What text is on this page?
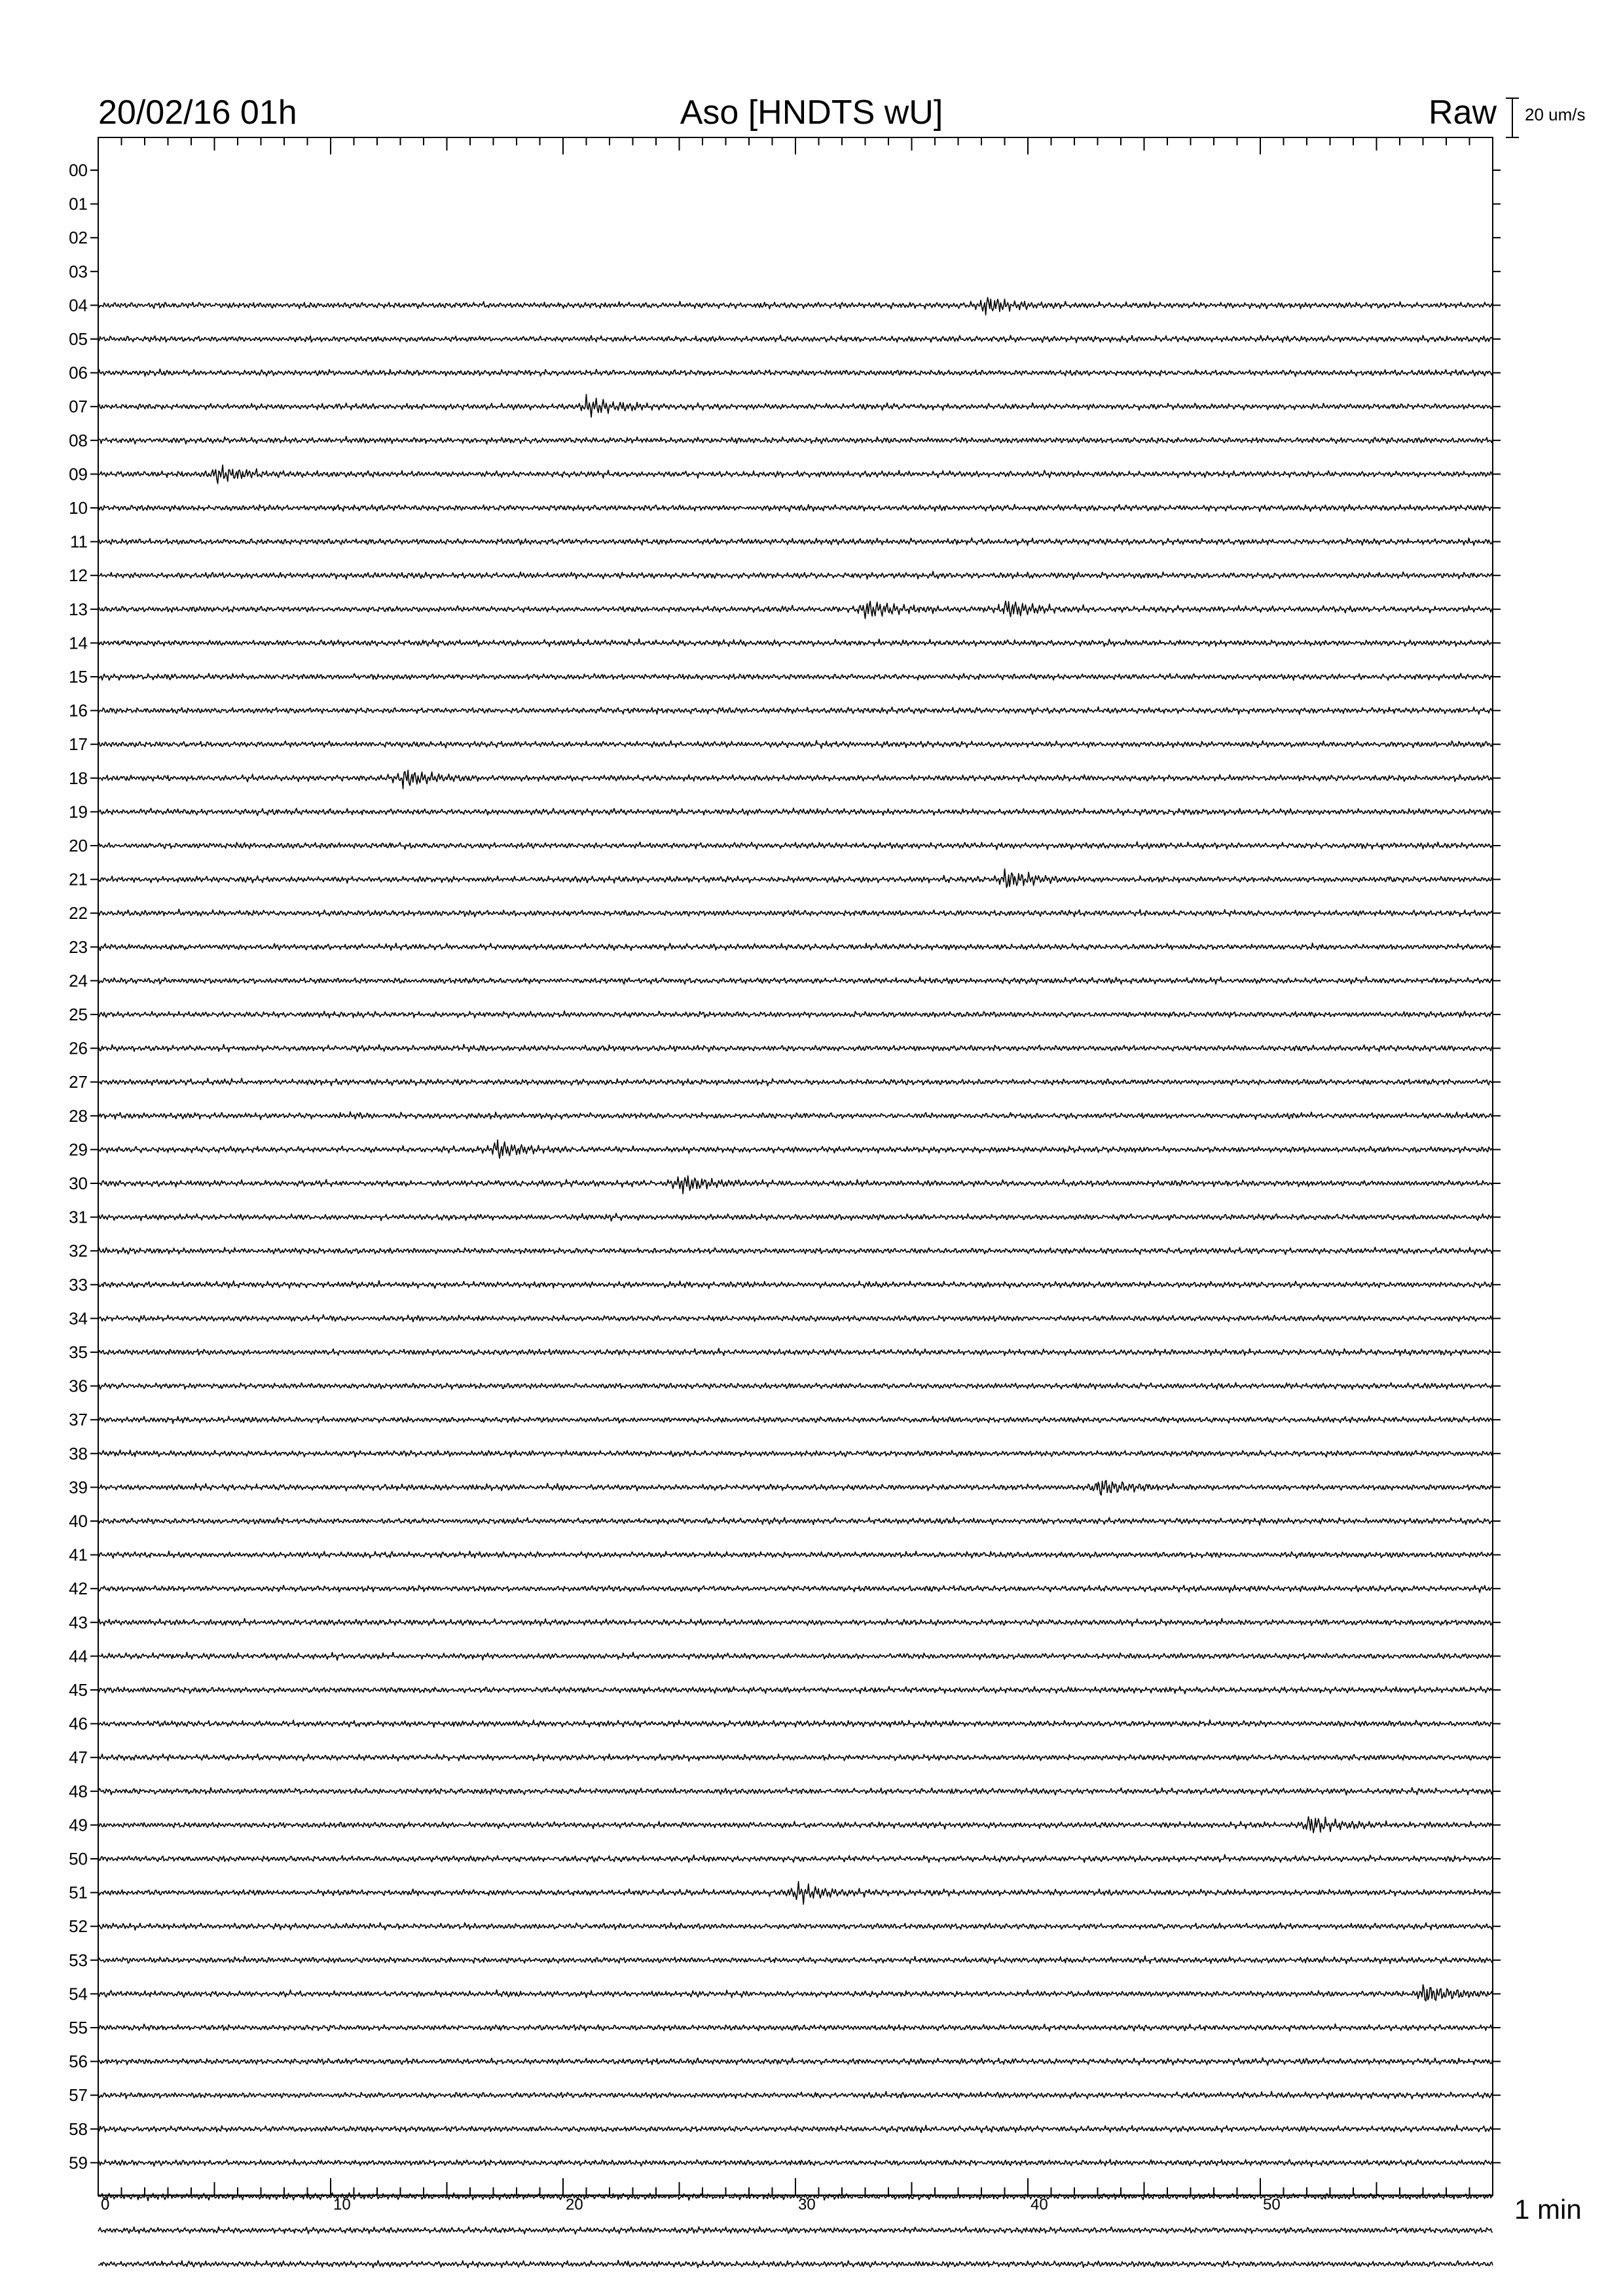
00
01
02
03
04
05
06
07
08
09
10
11
12
13
14
15
16
17
18
19
20
21
22
23
24
25
26
27
28
29
30
31
32
33
34
35
36
37
38
39
40
41
42
43
44
45
46
47
48
49
50
51
52
53
54
55
56
57
58
59
0	10	20	30	40	50
20/02/16 01h	Aso [HNDTS wU]	Raw 20 um/s
1 min
